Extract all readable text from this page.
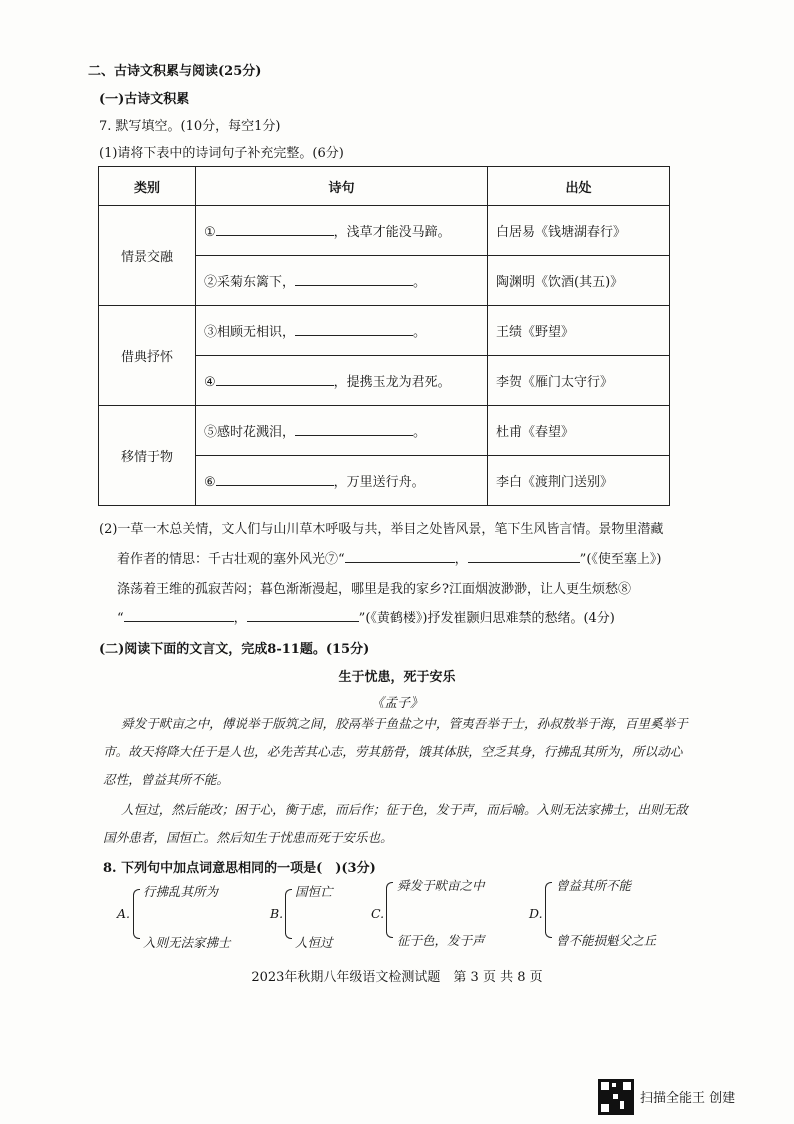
二、古诗文积累与阅读(25分)
(一)古诗文积累
7. 默写填空。(10分，每空1分)
(1)请将下表中的诗词句子补充完整。(6分)
类别	诗句	出处
情景交融	① ，浅草才能没马蹄。	白居易《钱塘湖春行》
	②采菊东篱下， 。	陶渊明《饮酒(其五)》
借典抒怀	③相顾无相识， 。	王绩《野望》
	④ ，提携玉龙为君死。	李贺《雁门太守行》
移情于物	⑤感时花溅泪， 。	杜甫《春望》
	⑥ ，万里送行舟。	李白《渡荆门送别》
(2)一草一木总关情，文人们与山川草木呼吸与共，举目之处皆风景，笔下生风皆言情。景物里潜藏
着作者的情思：千古壮观的塞外风光⑦“	，	”(《使至塞上》)
涤荡着王维的孤寂苦闷；暮色渐渐漫起，哪里是我的家乡?江面烟波渺渺，让人更生烦愁⑧
“	，	”(《黄鹤楼》)抒发崔颢归思难禁的愁绪。(4分)
(二)阅读下面的文言文，完成8-11题。(15分)
生于忧患，死于安乐
《孟子》
舜发于畎亩之中，傅说举于版筑之间，胶鬲举于鱼盐之中，管夷吾举于士，孙叔敖举于海，百里奚举于市。故天将降大任于是人也，必先苦其心志，劳其筋骨，饿其体肤，空乏其身，行拂乱其所为，所以动心忍性，曾益其所不能。
人恒过，然后能改；困于心，衡于虑，而后作；征于色，发于声，而后喻。入则无法家拂士，出则无敌国外患者，国恒亡。然后知生于忧患而死于安乐也。
8. 下列句中加点词意思相同的一项是(　)(3分)
A.
行拂乱其所为
入则无法家拂士
B.
国恒亡
人恒过
C.
舜发于畎亩之中
征于色，发于声
D.
曾益其所不能
曾不能损魁父之丘
2023年秋期八年级语文检测试题　第 3 页 共 8 页
扫描全能王 创建
